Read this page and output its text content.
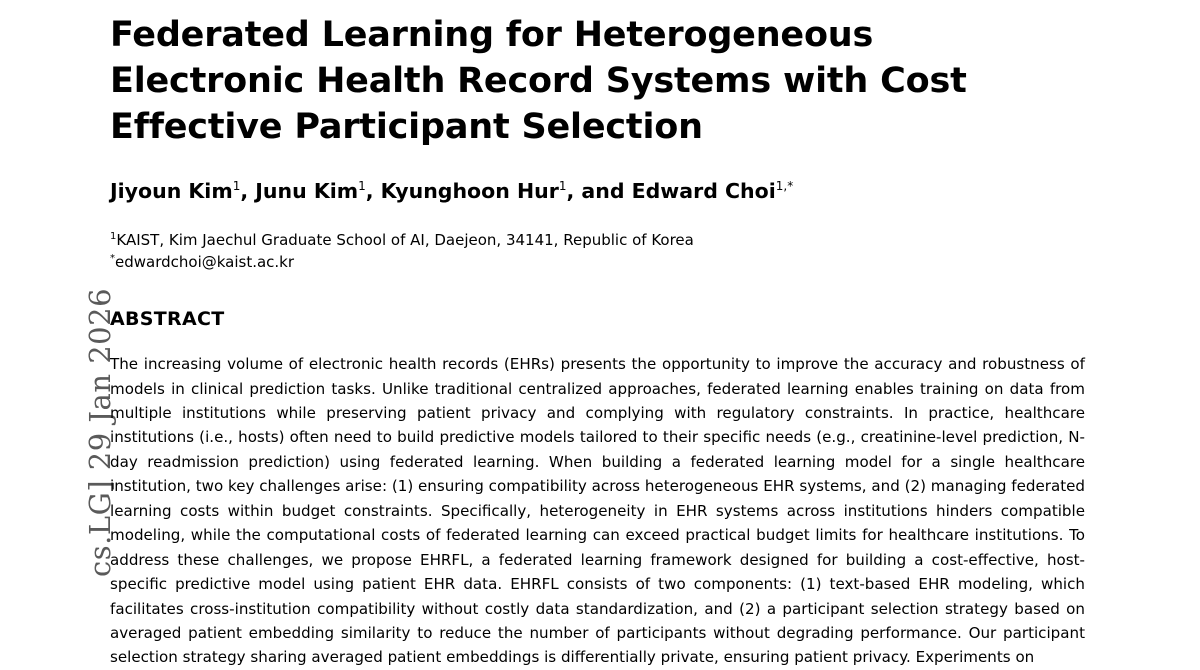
cs.LG] 29 Jan 2026
Federated Learning for Heterogeneous Electronic Health Record Systems with Cost Effective Participant Selection
Jiyoun Kim$^1$, Junu Kim$^1$, Kyunghoon Hur$^1$, and Edward Choi$^{1,*}$
$^1$KAIST, Kim Jaechul Graduate School of AI, Daejeon, 34141, Republic of Korea
*edwardchoi@kaist.ac.kr
ABSTRACT
The increasing volume of electronic health records (EHRs) presents the opportunity to improve the accuracy and robustness of models in clinical prediction tasks. Unlike traditional centralized approaches, federated learning enables training on data from multiple institutions while preserving patient privacy and complying with regulatory constraints. In practice, healthcare institutions (i.e., hosts) often need to build predictive models tailored to their specific needs (e.g., creatinine-level prediction, N-day readmission prediction) using federated learning. When building a federated learning model for a single healthcare institution, two key challenges arise: (1) ensuring compatibility across heterogeneous EHR systems, and (2) managing federated learning costs within budget constraints. Specifically, heterogeneity in EHR systems across institutions hinders compatible modeling, while the computational costs of federated learning can exceed practical budget limits for healthcare institutions. To address these challenges, we propose EHRFL, a federated learning framework designed for building a cost-effective, host-specific predictive model using patient EHR data. EHRFL consists of two components: (1) text-based EHR modeling, which facilitates cross-institution compatibility without costly data standardization, and (2) a participant selection strategy based on averaged patient embedding similarity to reduce the number of participants without degrading performance. Our participant selection strategy sharing averaged patient embeddings is differentially private, ensuring patient privacy. Experiments on
